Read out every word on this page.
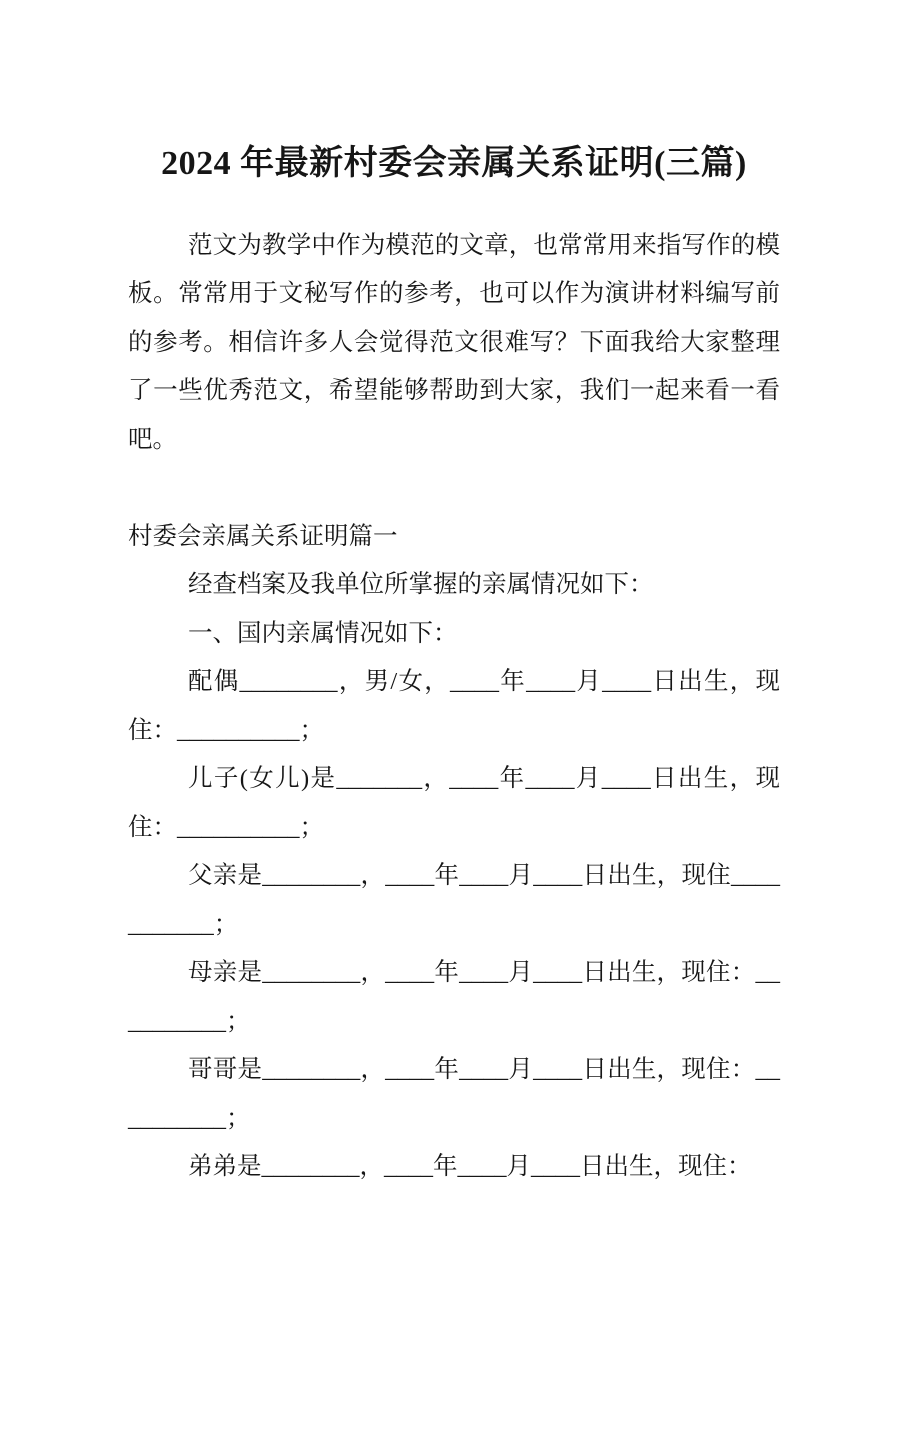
2024 年最新村委会亲属关系证明(三篇)

范文为教学中作为模范的文章，也常常用来指写作的模板。常常用于文秘写作的参考，也可以作为演讲材料编写前的参考。相信许多人会觉得范文很难写？下面我给大家整理了一些优秀范文，希望能够帮助到大家，我们一起来看一看吧。

村委会亲属关系证明篇一

经查档案及我单位所掌握的亲属情况如下：

一、国内亲属情况如下：

配偶________，男/女，____年____月____日出生，现住：__________；

儿子(女儿)是_______，____年____月____日出生，现住：__________；

父亲是________，____年____月____日出生，现住___________；

母亲是________，____年____月____日出生，现住：__________；

哥哥是________，____年____月____日出生，现住：__________；

弟弟是________，____年____月____日出生，现住：
